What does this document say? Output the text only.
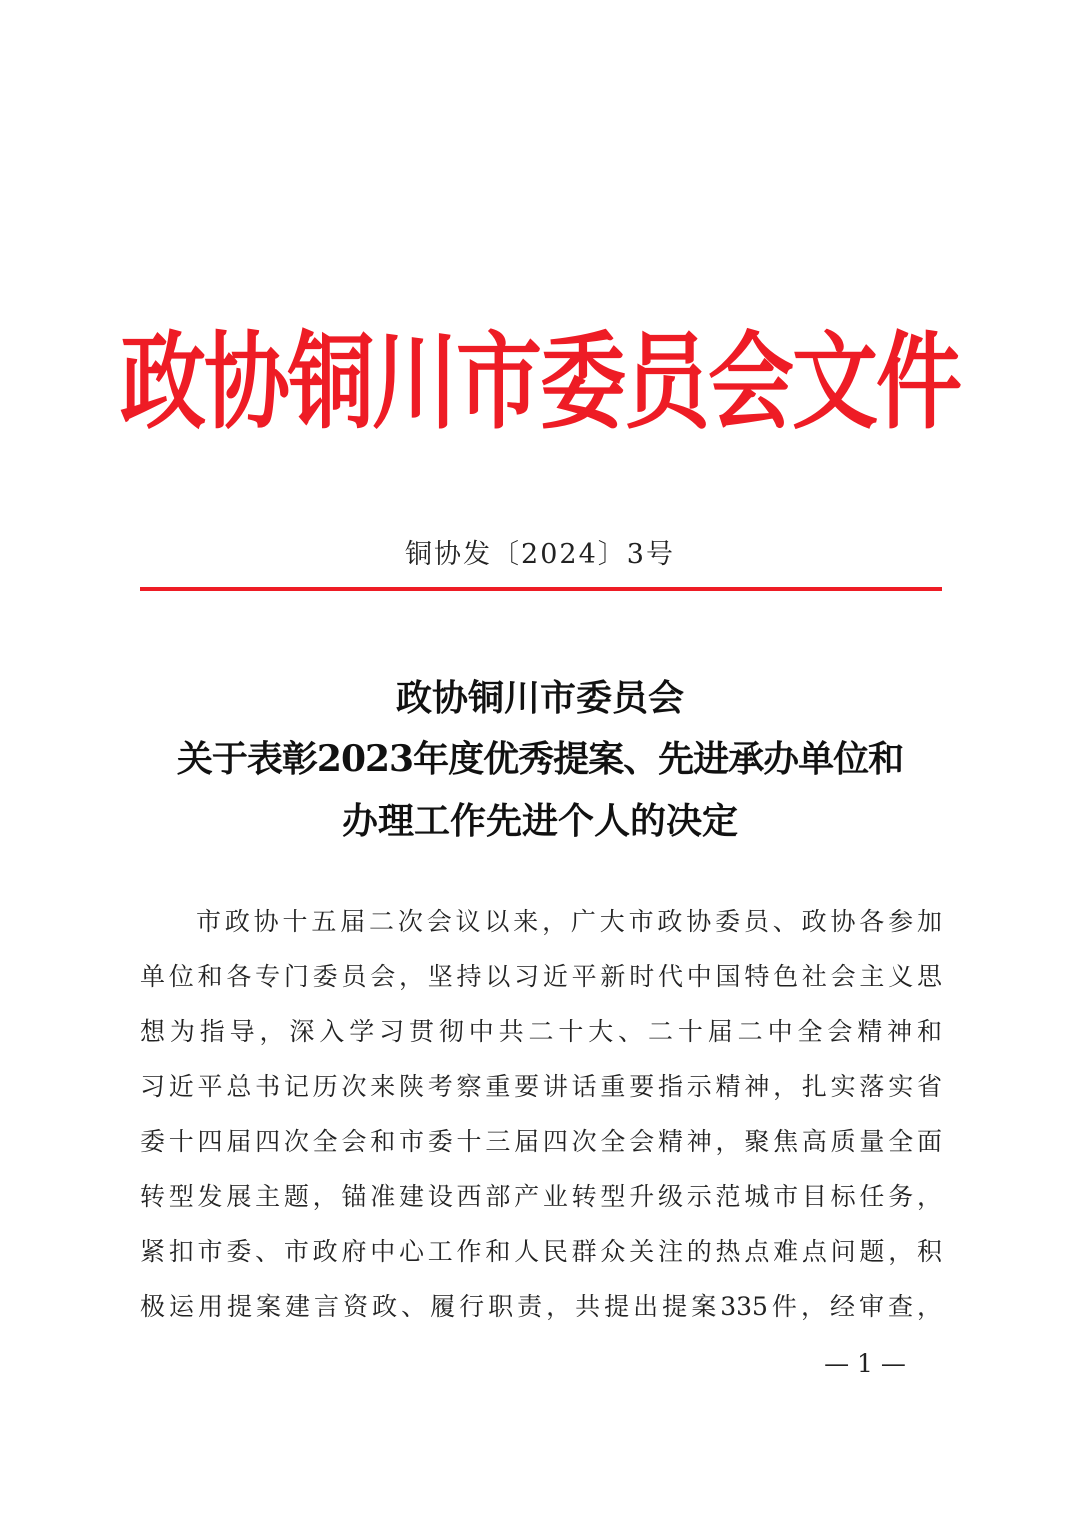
政协铜川市委员会文件
铜协发〔2024〕3号
政协铜川市委员会
关于表彰2023年度优秀提案、先进承办单位和
办理工作先进个人的决定
市政协十五届二次会议以来，广大市政协委员、政协各参加
单位和各专门委员会，坚持以习近平新时代中国特色社会主义思
想为指导，深入学习贯彻中共二十大、二十届二中全会精神和
习近平总书记历次来陕考察重要讲话重要指示精神，扎实落实省
委十四届四次全会和市委十三届四次全会精神，聚焦高质量全面
转型发展主题，锚准建设西部产业转型升级示范城市目标任务，
紧扣市委、市政府中心工作和人民群众关注的热点难点问题，积
极运用提案建言资政、履行职责，共提出提案335件，经审查，
— 1 —
